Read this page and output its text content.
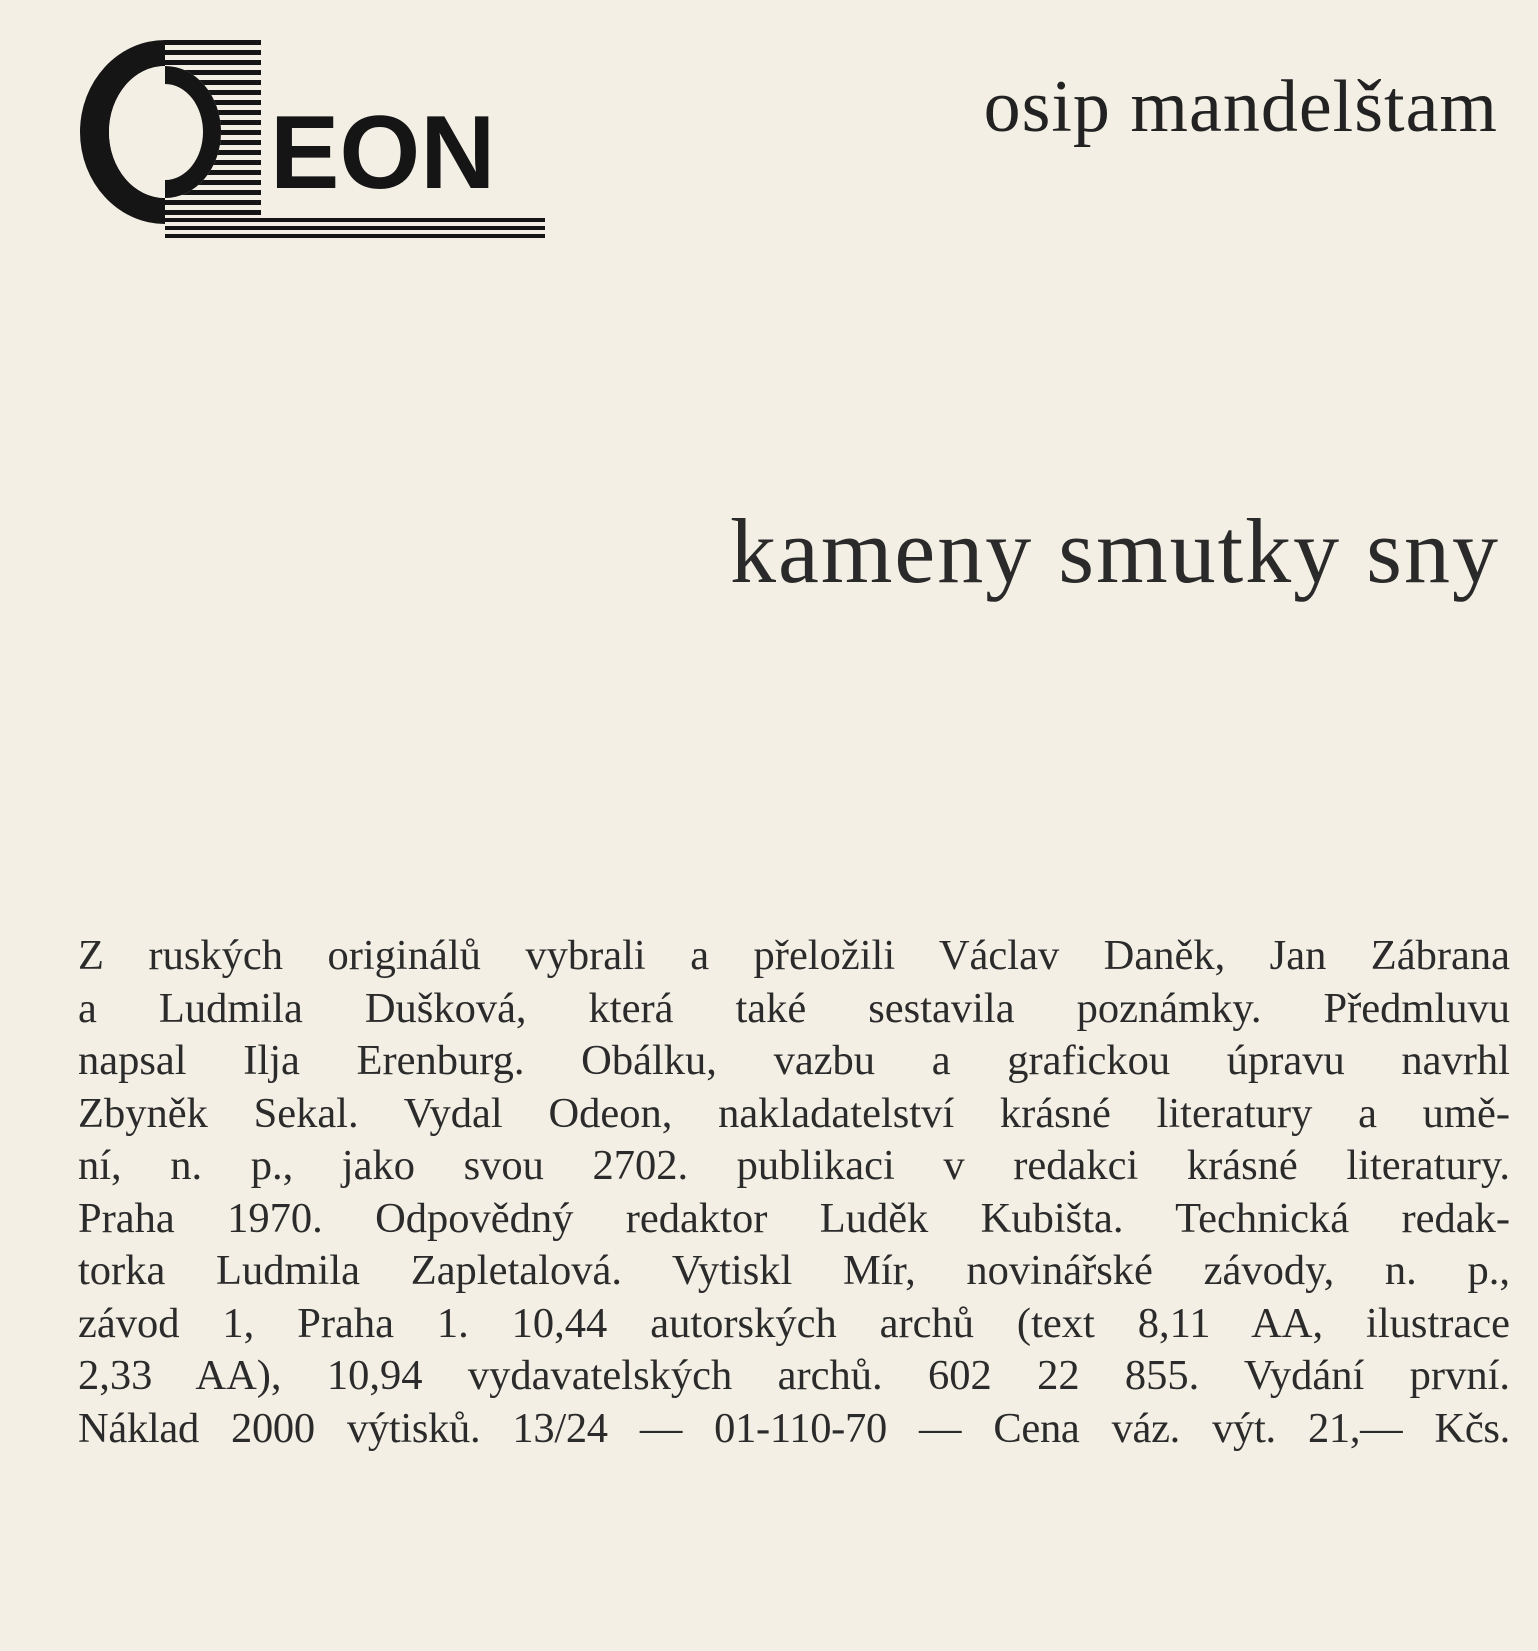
EON	osip mandelštam
kameny smutky sny
Z ruských originálů vybrali a přeložili Václav Daněk, Jan Zábrana
a Ludmila Dušková, která také sestavila poznámky. Předmluvu
napsal Ilja Erenburg. Obálku, vazbu a grafickou úpravu navrhl
Zbyněk Sekal. Vydal Odeon, nakladatelství krásné literatury a umě-
ní, n. p., jako svou 2702. publikaci v redakci krásné literatury.
Praha 1970. Odpovědný redaktor Luděk Kubišta. Technická redak-
torka Ludmila Zapletalová. Vytiskl Mír, novinářské závody, n. p.,
závod 1, Praha 1. 10,44 autorských archů (text 8,11 AA, ilustrace
2,33 AA), 10,94 vydavatelských archů. 602 22 855. Vydání první.
Náklad 2000 výtisků. 13/24 — 01-110-70 — Cena váz. výt. 21,— Kčs.
